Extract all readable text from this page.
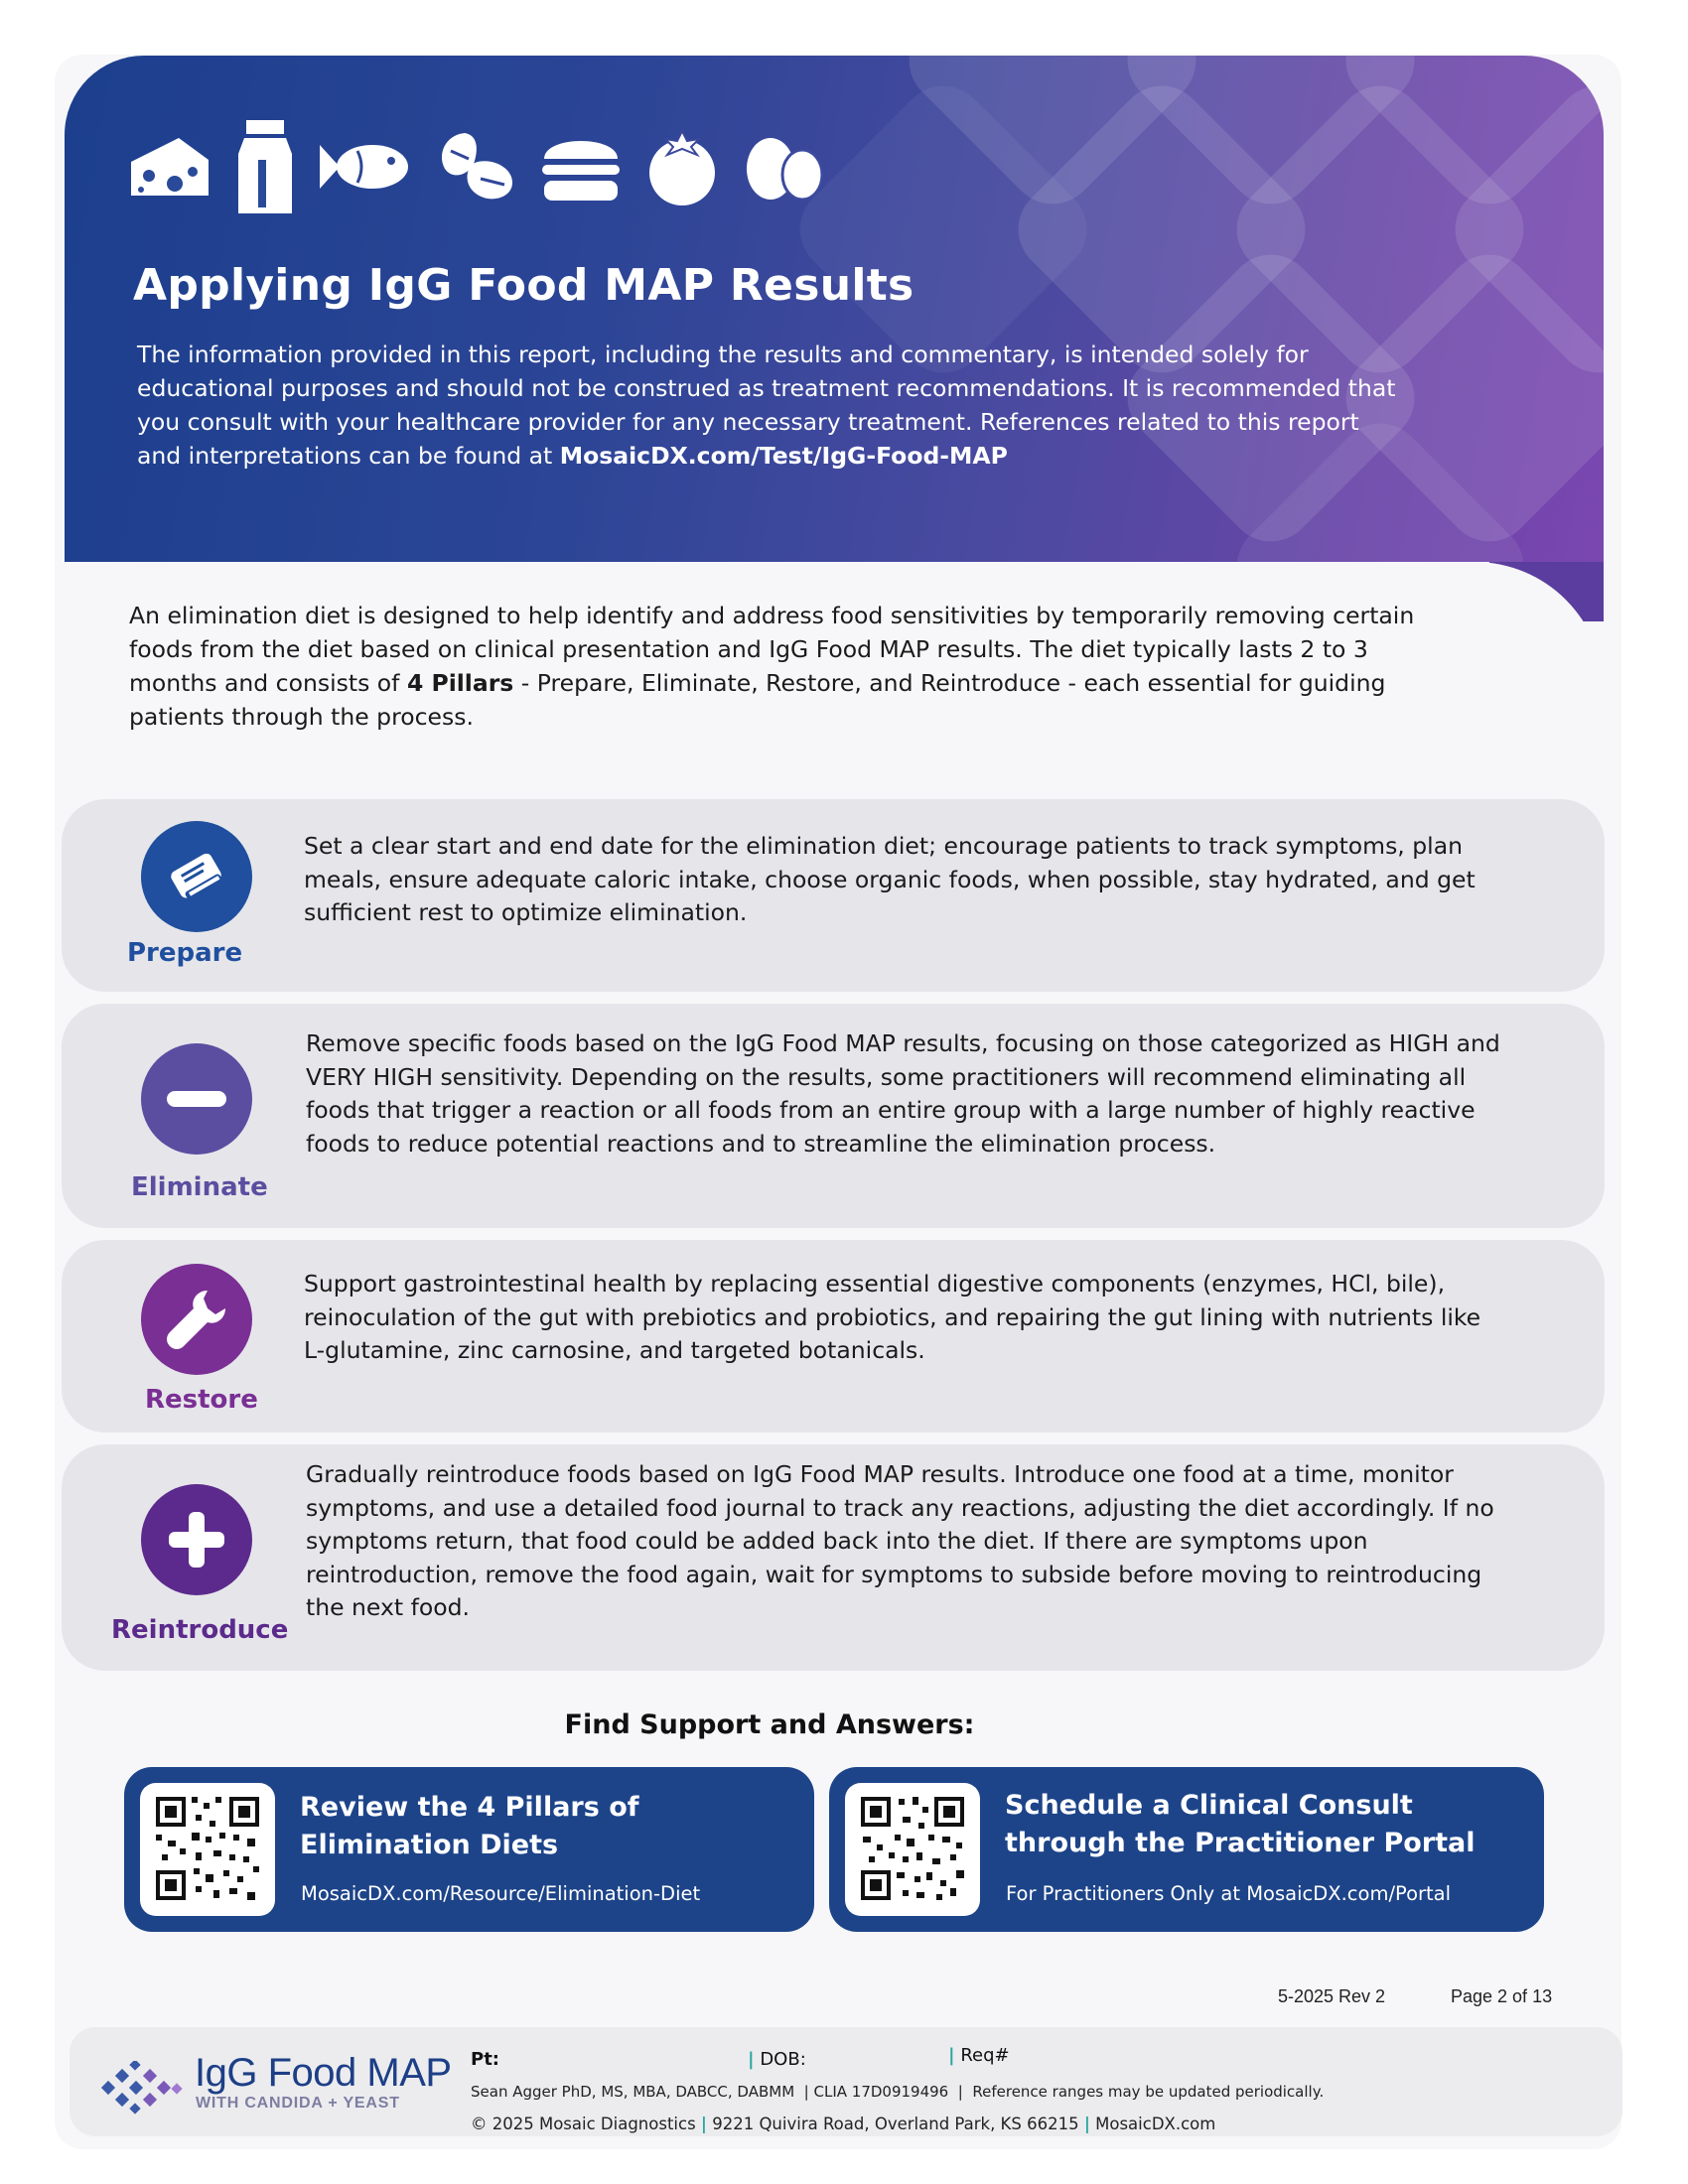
Applying IgG Food MAP Results

The information provided in this report, including the results and commentary, is intended solely for educational purposes and should not be construed as treatment recommendations. It is recommended that you consult with your healthcare provider for any necessary treatment. References related to this report and interpretations can be found at MosaicDX.com/Test/IgG-Food-MAP

An elimination diet is designed to help identify and address food sensitivities by temporarily removing certain foods from the diet based on clinical presentation and IgG Food MAP results. The diet typically lasts 2 to 3 months and consists of 4 Pillars - Prepare, Eliminate, Restore, and Reintroduce - each essential for guiding patients through the process.

Prepare

Set a clear start and end date for the elimination diet; encourage patients to track symptoms, plan meals, ensure adequate caloric intake, choose organic foods, when possible, stay hydrated, and get sufficient rest to optimize elimination.

Eliminate

Remove specific foods based on the IgG Food MAP results, focusing on those categorized as HIGH and VERY HIGH sensitivity. Depending on the results, some practitioners will recommend eliminating all foods that trigger a reaction or all foods from an entire group with a large number of highly reactive foods to reduce potential reactions and to streamline the elimination process.

Restore

Support gastrointestinal health by replacing essential digestive components (enzymes, HCl, bile), reinoculation of the gut with prebiotics and probiotics, and repairing the gut lining with nutrients like L-glutamine, zinc carnosine, and targeted botanicals.

Reintroduce

Gradually reintroduce foods based on IgG Food MAP results. Introduce one food at a time, monitor symptoms, and use a detailed food journal to track any reactions, adjusting the diet accordingly. If no symptoms return, that food could be added back into the diet. If there are symptoms upon reintroduction, remove the food again, wait for symptoms to subside before moving to reintroducing the next food.

Find Support and Answers:

Review the 4 Pillars of
Elimination Diets

MosaicDX.com/Resource/Elimination-Diet

Schedule a Clinical Consult
through the Practitioner Portal

For Practitioners Only at MosaicDX.com/Portal

5-2025 Rev 2	Page 2 of 13

IgG Food MAP

WITH CANDIDA + YEAST

Pt:	| DOB:	| Req#

Sean Agger PhD, MS, MBA, DABCC, DABMM  | CLIA 17D0919496  |  Reference ranges may be updated periodically.

© 2025 Mosaic Diagnostics | 9221 Quivira Road, Overland Park, KS 66215 | MosaicDX.com
